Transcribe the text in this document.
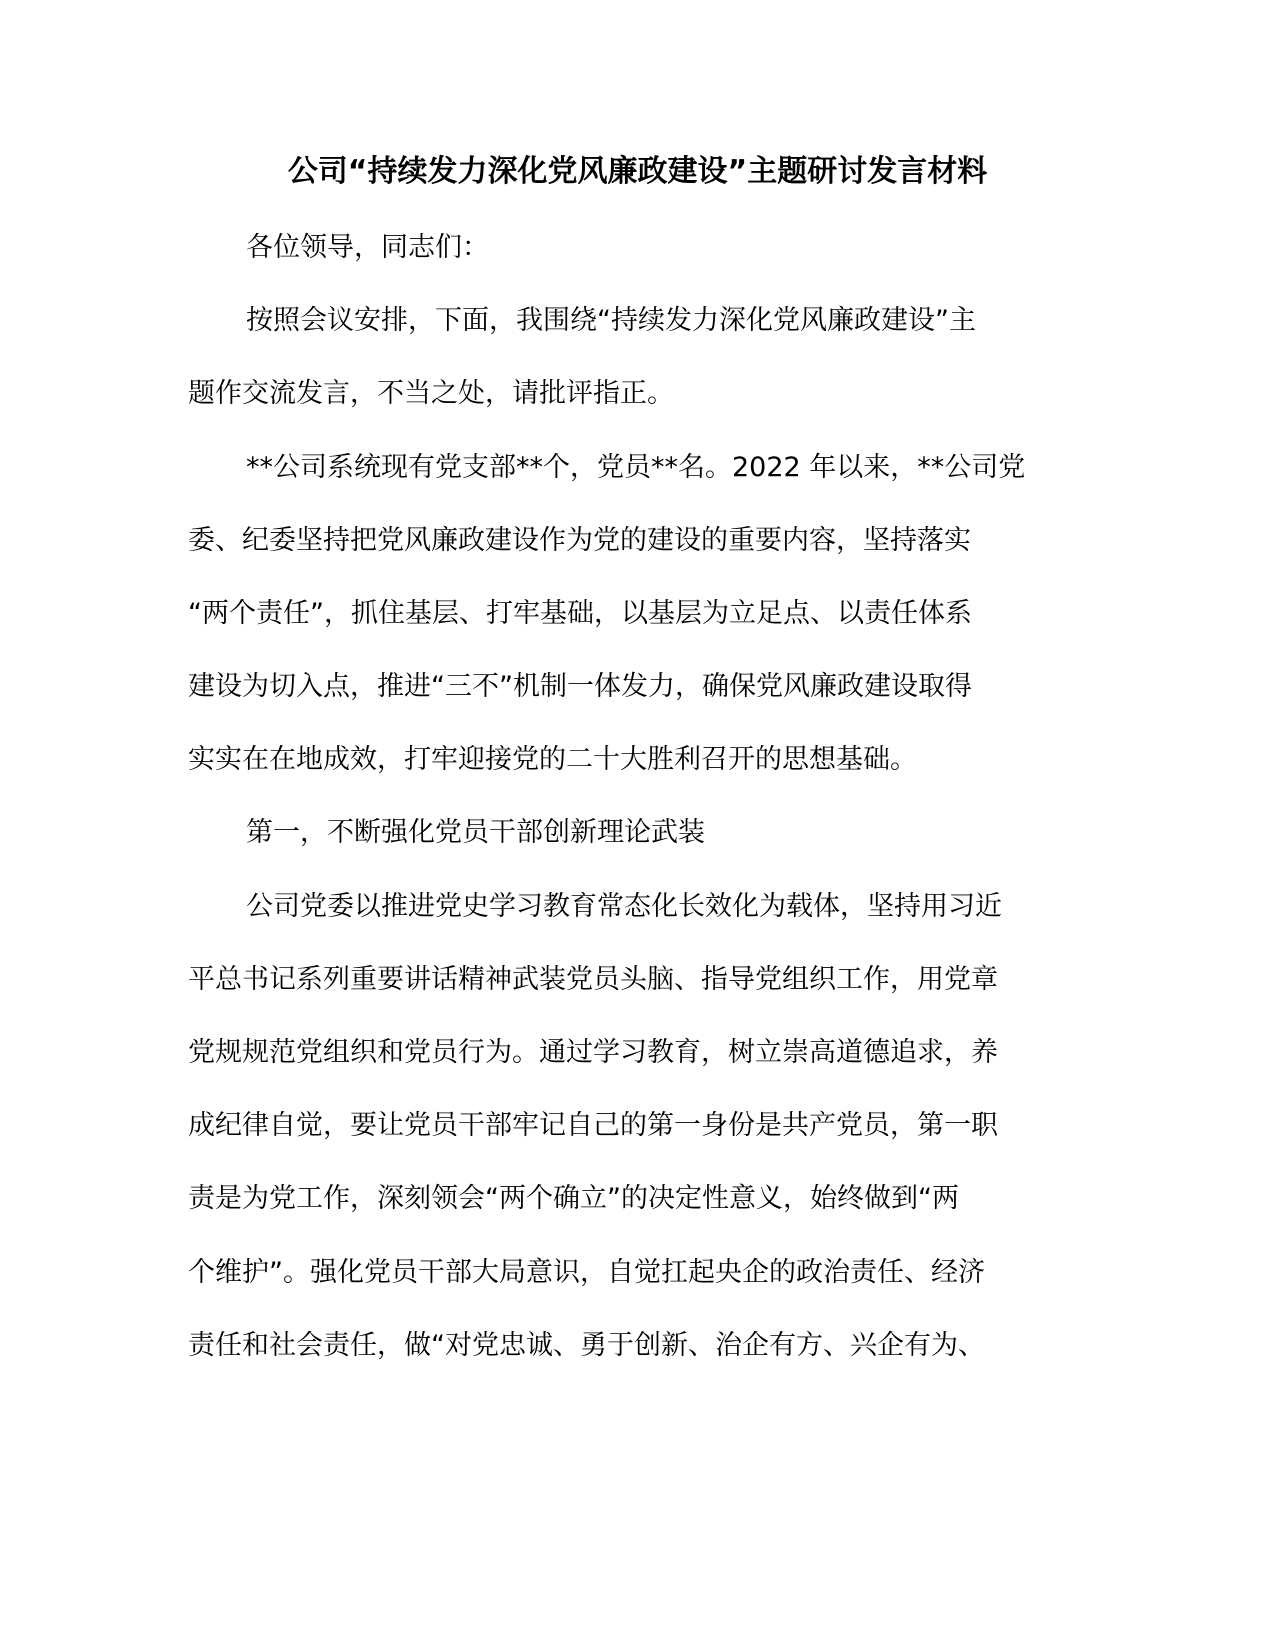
公司“持续发力深化党风廉政建设”主题研讨发言材料

各位领导，同志们：

按照会议安排，下面，我围绕“持续发力深化党风廉政建设”主

题作交流发言，不当之处，请批评指正。

**公司系统现有党支部**个，党员**名。2022 年以来，**公司党

委、纪委坚持把党风廉政建设作为党的建设的重要内容，坚持落实

“两个责任”，抓住基层、打牢基础，以基层为立足点、以责任体系

建设为切入点，推进“三不”机制一体发力，确保党风廉政建设取得

实实在在地成效，打牢迎接党的二十大胜利召开的思想基础。

第一，不断强化党员干部创新理论武装

公司党委以推进党史学习教育常态化长效化为载体，坚持用习近

平总书记系列重要讲话精神武装党员头脑、指导党组织工作，用党章

党规规范党组织和党员行为。通过学习教育，树立崇高道德追求，养

成纪律自觉，要让党员干部牢记自己的第一身份是共产党员，第一职

责是为党工作，深刻领会“两个确立”的决定性意义，始终做到“两

个维护”。强化党员干部大局意识，自觉扛起央企的政治责任、经济

责任和社会责任，做“对党忠诚、勇于创新、治企有方、兴企有为、
